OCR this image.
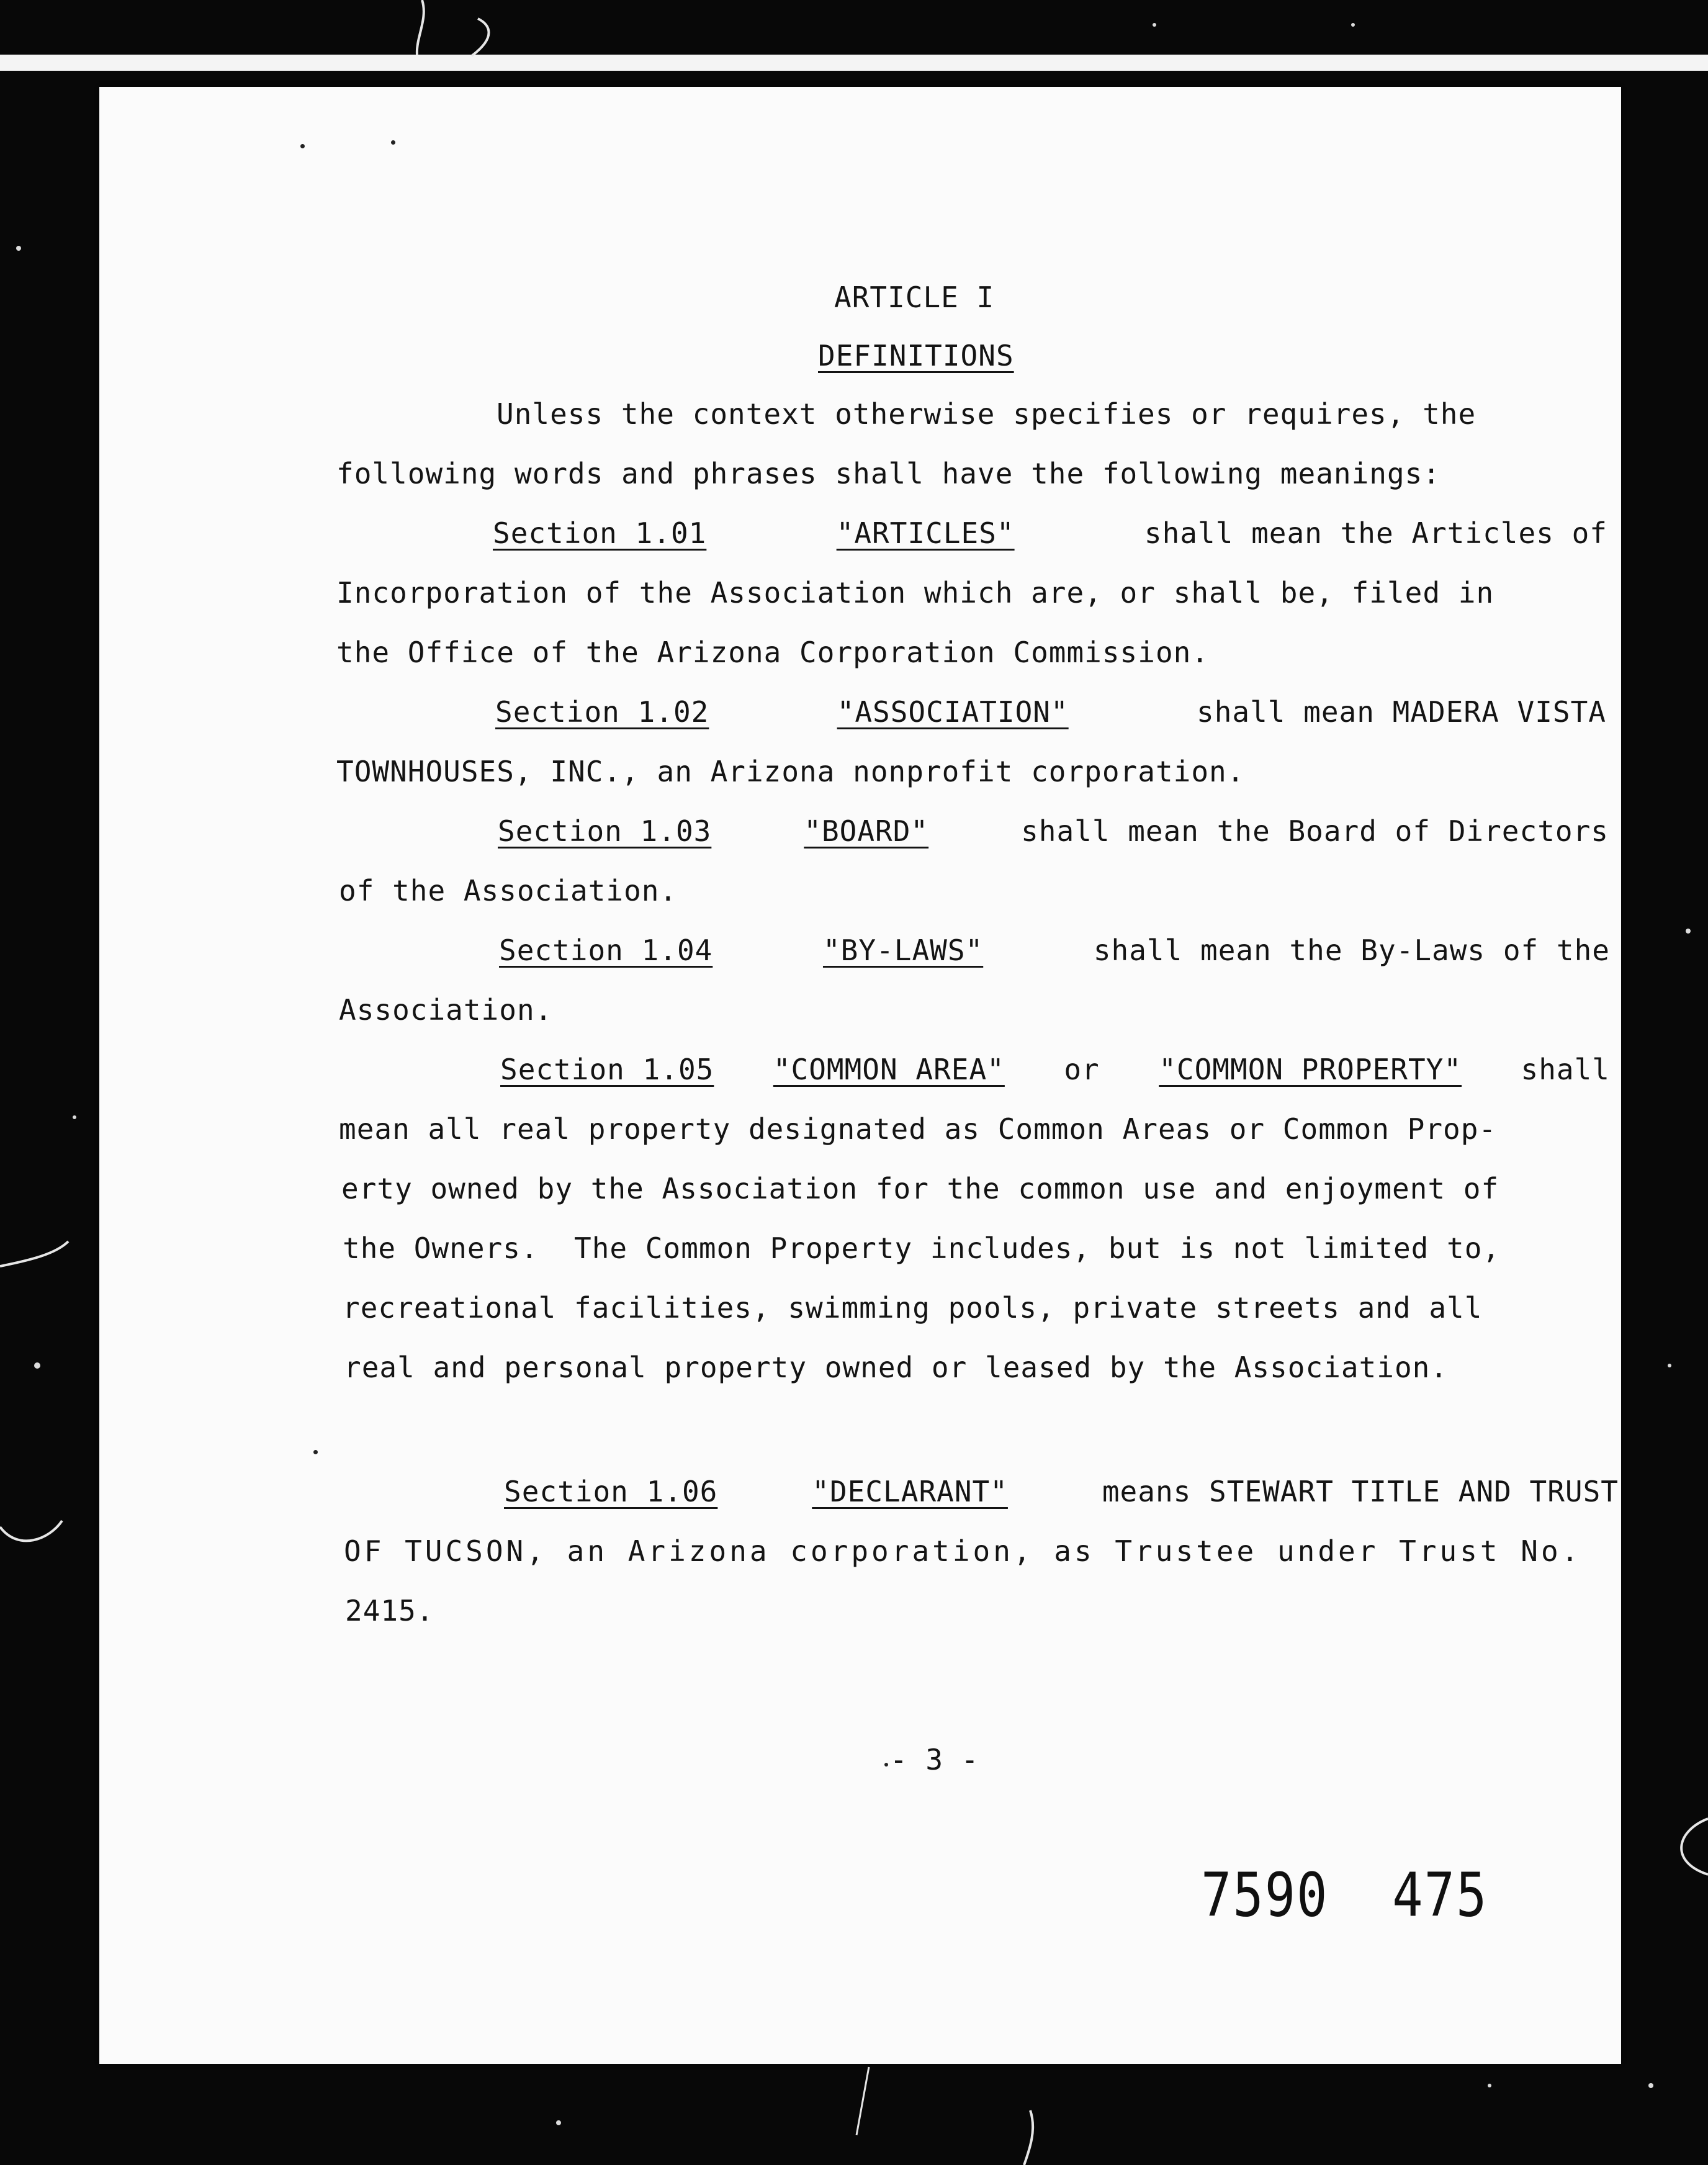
ARTICLE I
DEFINITIONS
Unless the context otherwise specifies or requires, the
following words and phrases shall have the following meanings:
Section 1.01	"ARTICLES"	shall mean the Articles of
Incorporation of the Association which are, or shall be, filed in
the Office of the Arizona Corporation Commission.
Section 1.02	"ASSOCIATION"	shall mean MADERA VISTA
TOWNHOUSES, INC., an Arizona nonprofit corporation.
Section 1.03	"BOARD"	shall mean the Board of Directors
of the Association.
Section 1.04	"BY-LAWS"	shall mean the By-Laws of the
Association.
Section 1.05 "COMMON AREA" or "COMMON PROPERTY" shall
mean all real property designated as Common Areas or Common Prop-
erty owned by the Association for the common use and enjoyment of
the Owners.  The Common Property includes, but is not limited to,
recreational facilities, swimming pools, private streets and all
real and personal property owned or leased by the Association.
Section 1.06	"DECLARANT"	means STEWART TITLE AND TRUST
OF TUCSON, an Arizona corporation, as Trustee under Trust No.
2415.
- 3 -
7590  475
